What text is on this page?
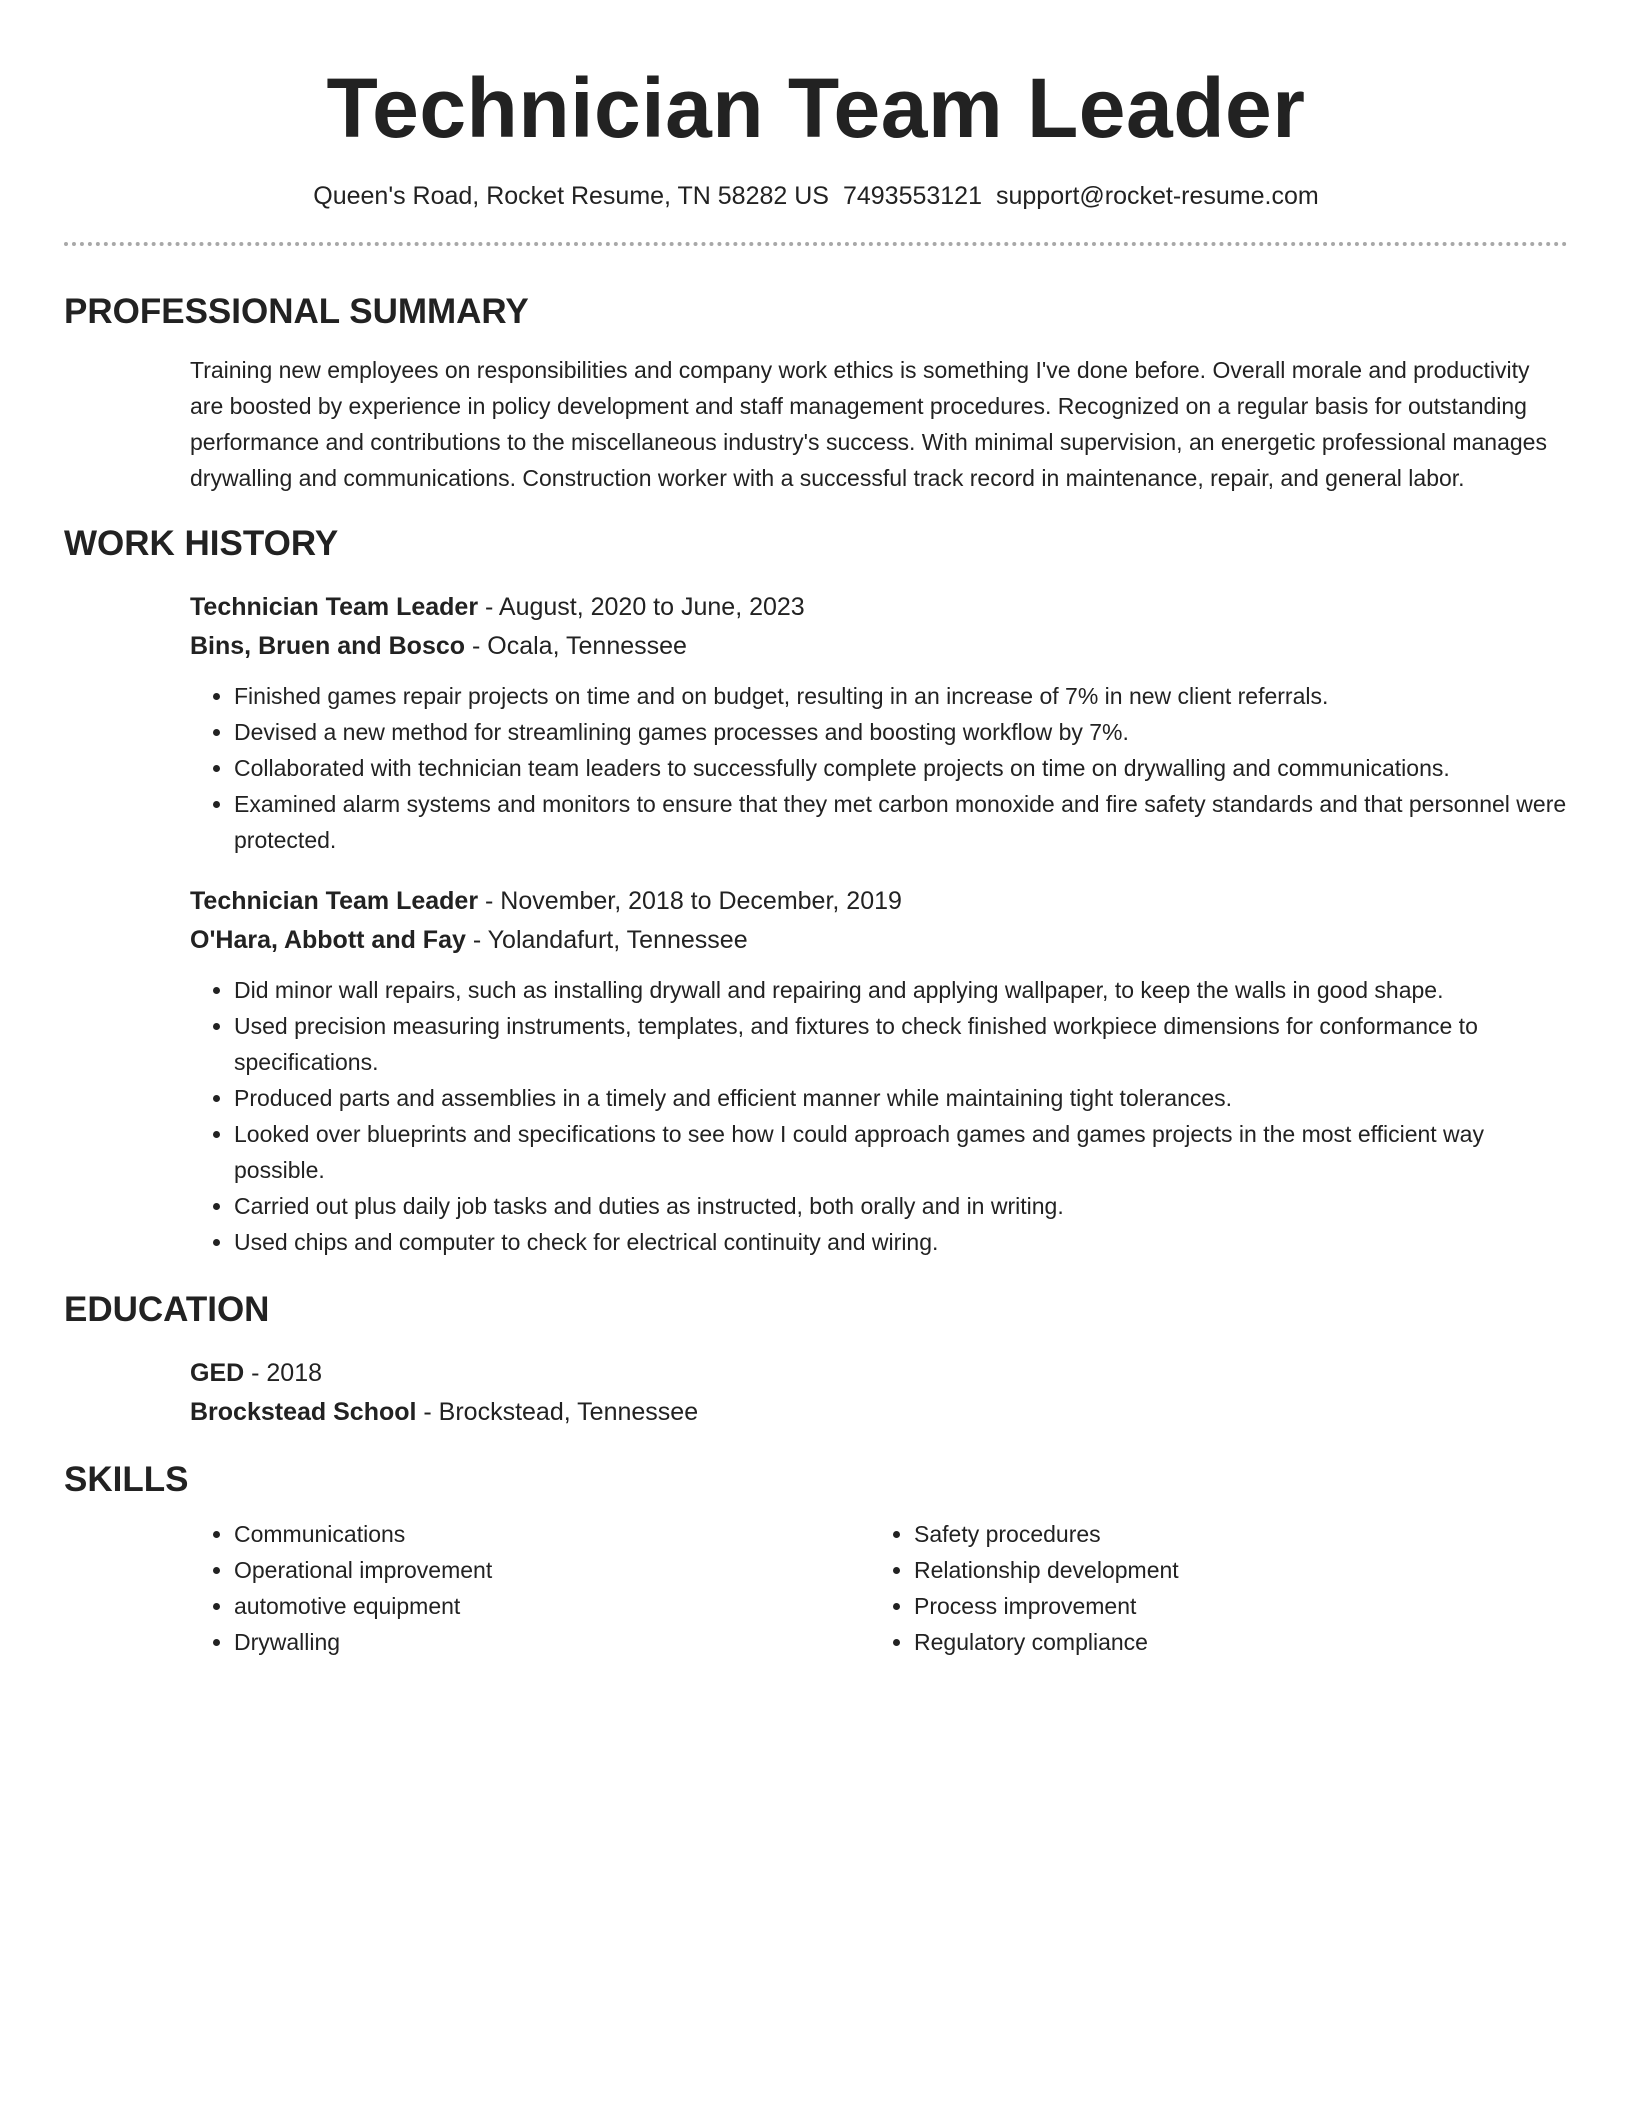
Technician Team Leader
Queen's Road, Rocket Resume, TN 58282 US 7493553121 support@rocket-resume.com
PROFESSIONAL SUMMARY
Training new employees on responsibilities and company work ethics is something I've done before. Overall morale and productivity are boosted by experience in policy development and staff management procedures. Recognized on a regular basis for outstanding performance and contributions to the miscellaneous industry's success. With minimal supervision, an energetic professional manages drywalling and communications. Construction worker with a successful track record in maintenance, repair, and general labor.
WORK HISTORY
Technician Team Leader - August, 2020 to June, 2023
Bins, Bruen and Bosco - Ocala, Tennessee
• Finished games repair projects on time and on budget, resulting in an increase of 7% in new client referrals.
• Devised a new method for streamlining games processes and boosting workflow by 7%.
• Collaborated with technician team leaders to successfully complete projects on time on drywalling and communications.
• Examined alarm systems and monitors to ensure that they met carbon monoxide and fire safety standards and that personnel were protected.
Technician Team Leader - November, 2018 to December, 2019
O'Hara, Abbott and Fay - Yolandafurt, Tennessee
• Did minor wall repairs, such as installing drywall and repairing and applying wallpaper, to keep the walls in good shape.
• Used precision measuring instruments, templates, and fixtures to check finished workpiece dimensions for conformance to specifications.
• Produced parts and assemblies in a timely and efficient manner while maintaining tight tolerances.
• Looked over blueprints and specifications to see how I could approach games and games projects in the most efficient way possible.
• Carried out plus daily job tasks and duties as instructed, both orally and in writing.
• Used chips and computer to check for electrical continuity and wiring.
EDUCATION
GED - 2018
Brockstead School - Brockstead, Tennessee
SKILLS
• Communications
• Operational improvement
• automotive equipment
• Drywalling
• Safety procedures
• Relationship development
• Process improvement
• Regulatory compliance
